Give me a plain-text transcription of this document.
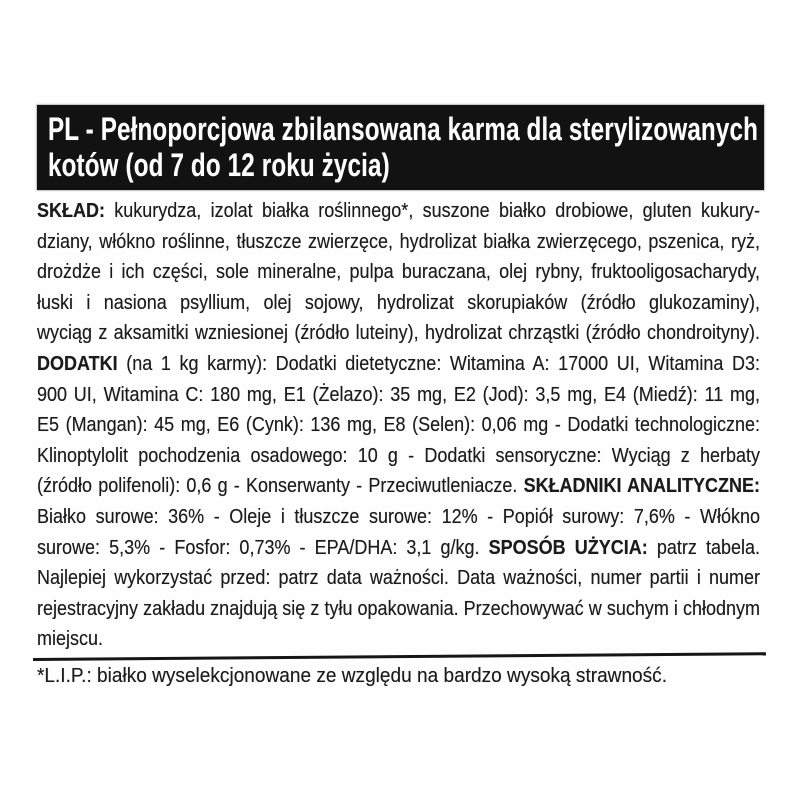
PL - Pełnoporcjowa zbilansowana karma dla sterylizowanych
kotów (od 7 do 12 roku życia)
SKŁAD: kukurydza, izolat białka roślinnego*, suszone białko drobiowe, gluten kukury-
dziany, włókno roślinne, tłuszcze zwierzęce, hydrolizat białka zwierzęcego, pszenica, ryż,
drożdże i ich części, sole mineralne, pulpa buraczana, olej rybny, fruktooligosacharydy,
łuski i nasiona psyllium, olej sojowy, hydrolizat skorupiaków (źródło glukozaminy),
wyciąg z aksamitki wzniesionej (źródło luteiny), hydrolizat chrząstki (źródło chondroityny).
DODATKI (na 1 kg karmy): Dodatki dietetyczne: Witamina A: 17000 UI, Witamina D3:
900 UI, Witamina C: 180 mg, E1 (Żelazo): 35 mg, E2 (Jod): 3,5 mg, E4 (Miedź): 11 mg,
E5 (Mangan): 45 mg, E6 (Cynk): 136 mg, E8 (Selen): 0,06 mg - Dodatki technologiczne:
Klinoptylolit pochodzenia osadowego: 10 g - Dodatki sensoryczne: Wyciąg z herbaty
(źródło polifenoli): 0,6 g - Konserwanty - Przeciwutleniacze. SKŁADNIKI ANALITYCZNE:
Białko surowe: 36% - Oleje i tłuszcze surowe: 12% - Popiół surowy: 7,6% - Włókno
surowe: 5,3% - Fosfor: 0,73% - EPA/DHA: 3,1 g/kg. SPOSÓB UŻYCIA: patrz tabela.
Najlepiej wykorzystać przed: patrz data ważności. Data ważności, numer partii i numer
rejestracyjny zakładu znajdują się z tyłu opakowania. Przechowywać w suchym i chłodnym
miejscu.
*L.I.P.: białko wyselekcjonowane ze względu na bardzo wysoką strawność.
